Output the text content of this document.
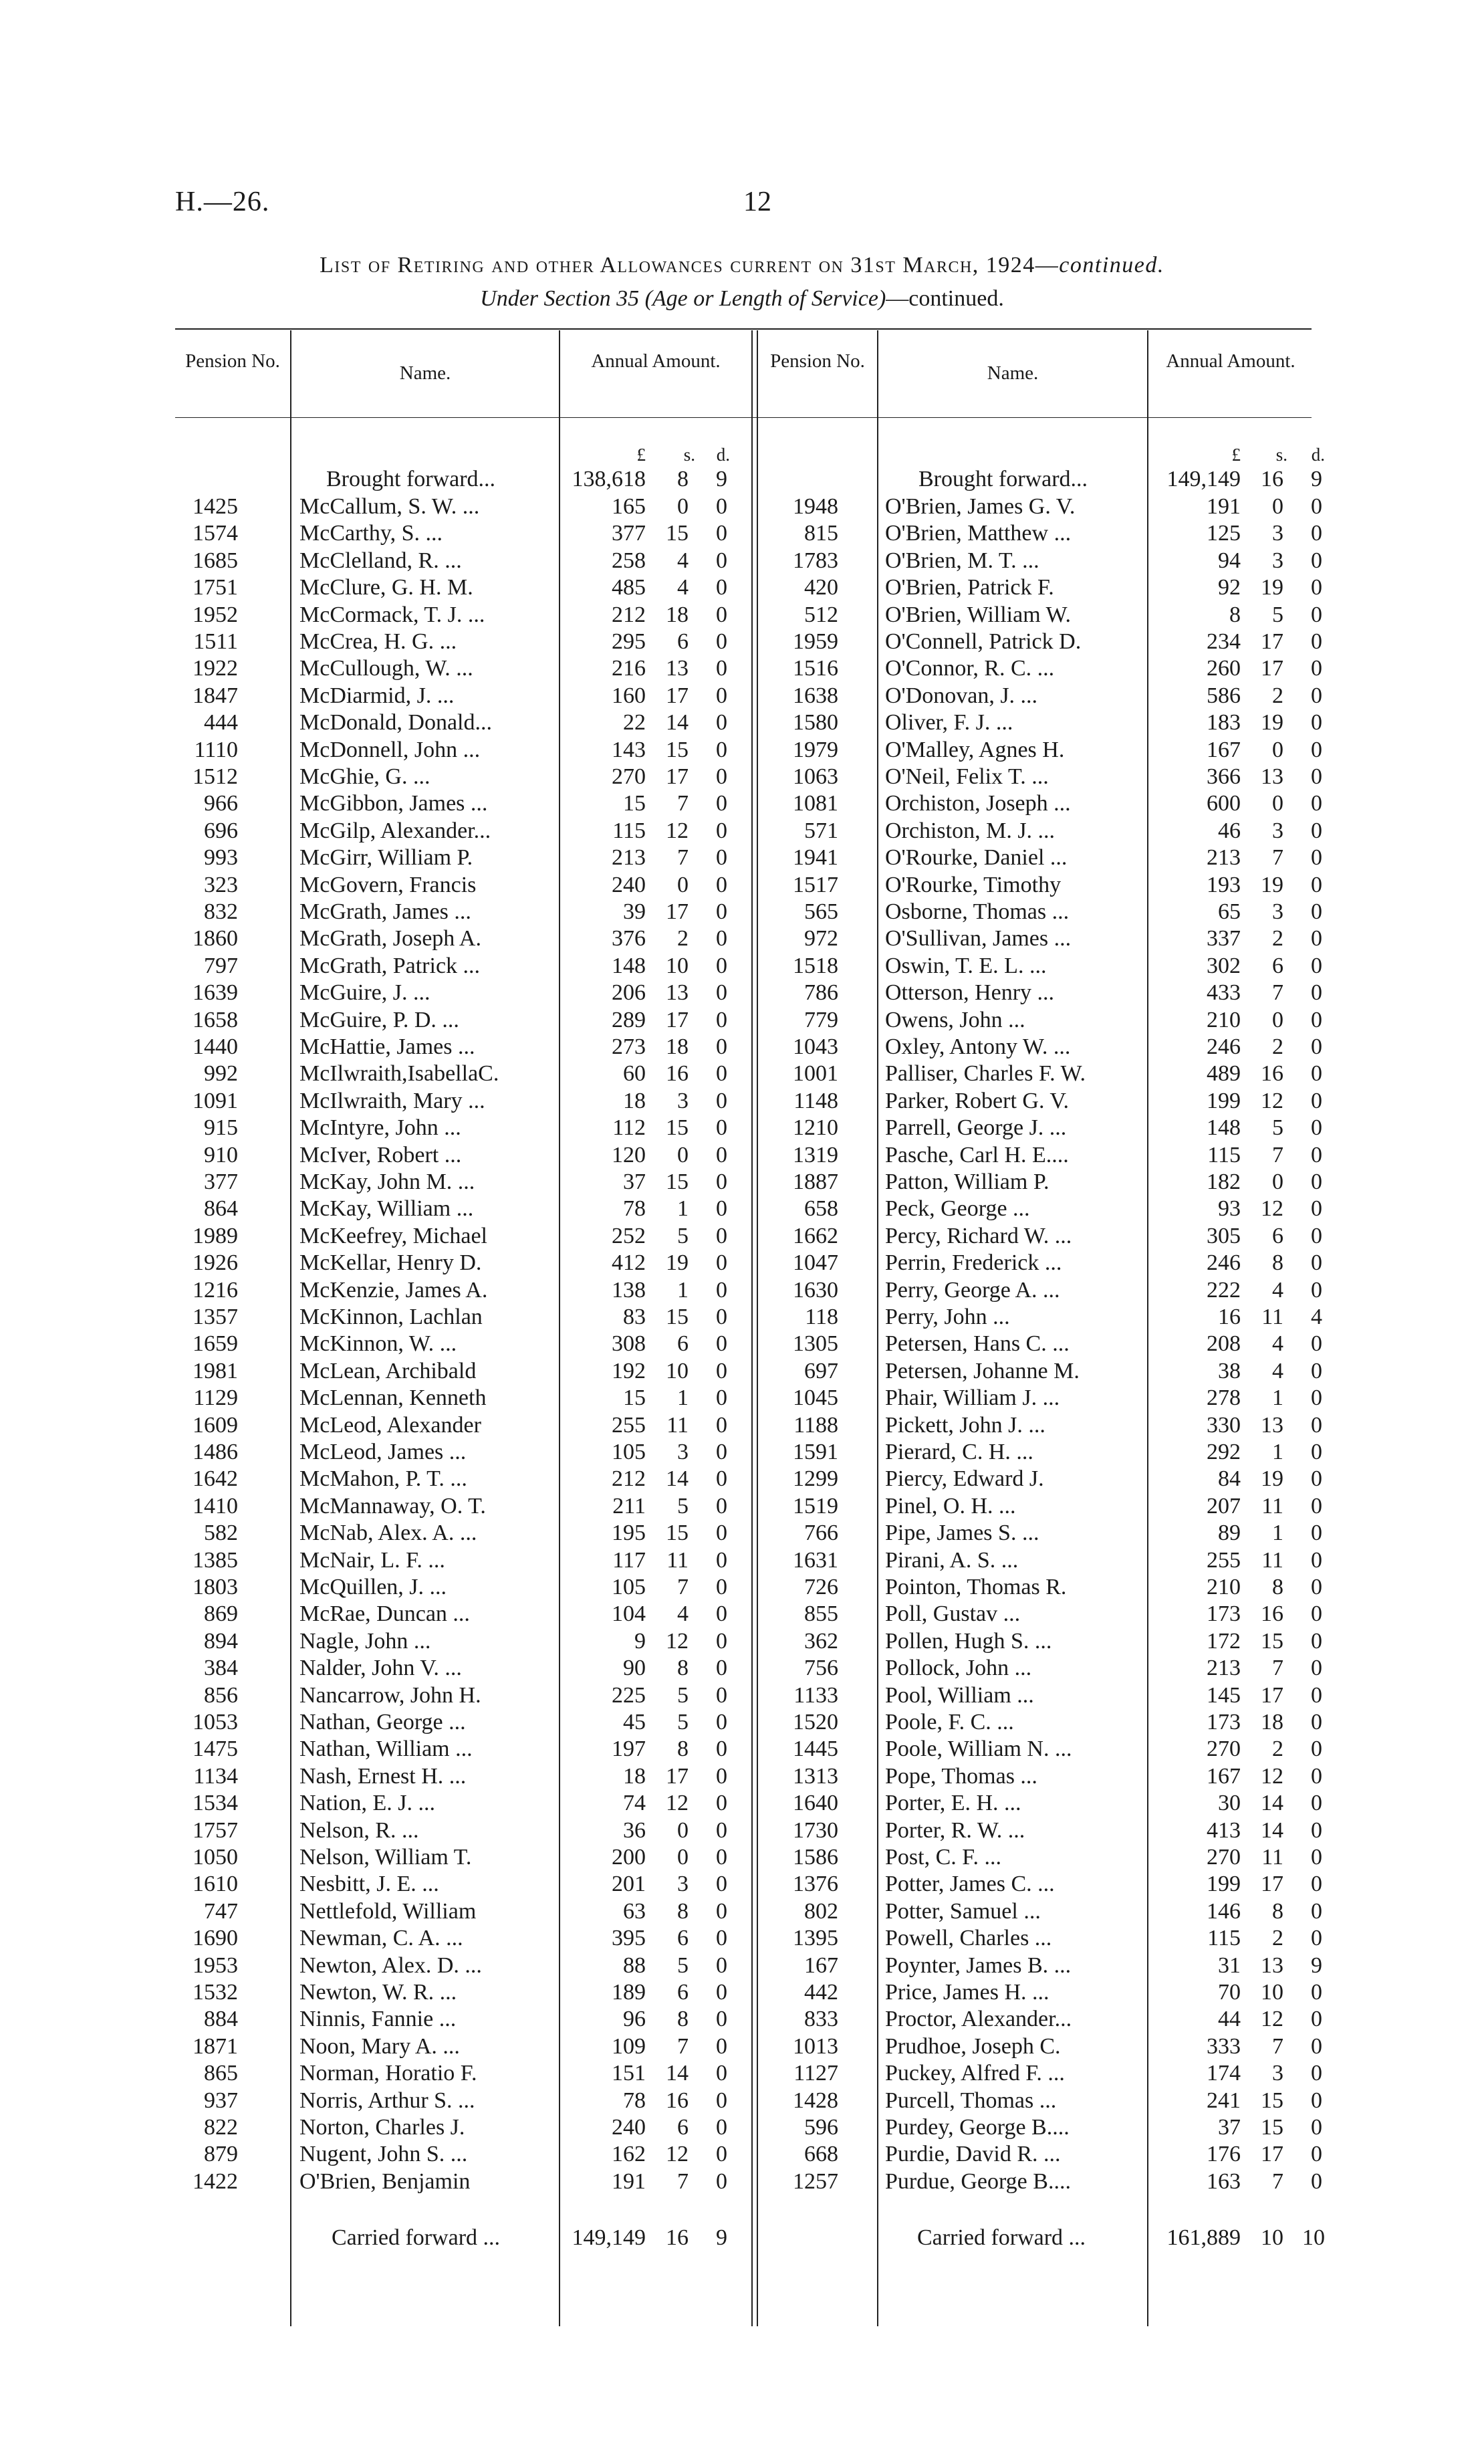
H.—26.	12
List of Retiring and other Allowances current on 31st March, 1924—continued.
Under Section 35 (Age or Length of Service)—continued.
Pension No.
Name.
Annual Amount.	Pension No.
Name.
Annual Amount.
£	s.	d.	£	s.	d.
Brought forward...	138,618	8	9
1425	McCallum, S. W. ...	165	0	0
1574	McCarthy, S. ...	377 15	0
1685	McClelland, R. ...	258	4	0
1751	McClure, G. H. M.	485	4	0
1952	McCormack, T. J. ...	212 18	0
1511	McCrea, H. G. ...	295	6	0
1922	McCullough, W. ...	216 13	0
1847	McDiarmid, J. ...	160 17	0
444	McDonald, Donald...	22 14	0
1110	McDonnell, John ...	143 15	0
1512	McGhie, G. ...	270 17	0
966	McGibbon, James ...	15	7	0
696	McGilp, Alexander...	115 12	0
993	McGirr, William P.	213	7	0
323	McGovern, Francis	240	0	0
832	McGrath, James ...	39 17	0
1860	McGrath, Joseph A.	376	2	0
797	McGrath, Patrick ...	148 10	0
1639	McGuire, J. ...	206 13	0
1658	McGuire, P. D. ...	289 17	0
1440	McHattie, James ...	273 18	0
992	McIlwraith,IsabellaC.	60 16	0
1091	McIlwraith, Mary ...	18	3	0
915	McIntyre, John ...	112 15	0
910	McIver, Robert ...	120	0	0
377	McKay, John M. ...	37 15	0
864	McKay, William ...	78	1	0
1989	McKeefrey, Michael	252	5	0
1926	McKellar, Henry D.	412 19	0
1216	McKenzie, James A.	138	1	0
1357	McKinnon, Lachlan	83 15	0
1659	McKinnon, W. ...	308	6	0
1981	McLean, Archibald	192 10	0
1129	McLennan, Kenneth	15	1	0
1609	McLeod, Alexander	255 11	0
1486	McLeod, James ...	105	3	0
1642	McMahon, P. T. ...	212 14	0
1410	McMannaway, O. T.	211	5	0
582	McNab, Alex. A. ...	195 15	0
1385	McNair, L. F. ...	117 11	0
1803	McQuillen, J. ...	105	7	0
869	McRae, Duncan ...	104	4	0
894	Nagle, John ...	9 12	0
384	Nalder, John V. ...	90	8	0
856	Nancarrow, John H.	225	5	0
1053	Nathan, George ...	45	5	0
1475	Nathan, William ...	197	8	0
1134	Nash, Ernest H. ...	18 17	0
1534	Nation, E. J. ...	74 12	0
1757	Nelson, R. ...	36	0	0
1050	Nelson, William T.	200	0	0
1610	Nesbitt, J. E. ...	201	3	0
747	Nettlefold, William	63	8	0
1690	Newman, C. A. ...	395	6	0
1953	Newton, Alex. D. ...	88	5	0
1532	Newton, W. R. ...	189	6	0
884	Ninnis, Fannie ...	96	8	0
1871	Noon, Mary A. ...	109	7	0
865	Norman, Horatio F.	151 14	0
937	Norris, Arthur S. ...	78 16	0
822	Norton, Charles J.	240	6	0
879	Nugent, John S. ...	162 12	0
1422	O'Brien, Benjamin	191	7	0
Carried forward ...	149,149 16	9
Brought forward...	149,149 16	9
1948 O'Brien, James G. V.	191	0	0
815 O'Brien, Matthew ...	125	3	0
1783 O'Brien, M. T. ...	94	3	0
420 O'Brien, Patrick F.	92 19	0
512 O'Brien, William W.	8	5	0
1959 O'Connell, Patrick D.	234 17	0
1516 O'Connor, R. C. ...	260 17	0
1638 O'Donovan, J. ...	586	2	0
1580 Oliver, F. J. ...	183 19	0
1979 O'Malley, Agnes H.	167	0	0
1063 O'Neil, Felix T. ...	366 13	0
1081 Orchiston, Joseph ...	600	0	0
571 Orchiston, M. J. ...	46	3	0
1941 O'Rourke, Daniel ...	213	7	0
1517 O'Rourke, Timothy	193 19	0
565 Osborne, Thomas ...	65	3	0
972 O'Sullivan, James ...	337	2	0
1518 Oswin, T. E. L. ...	302	6	0
786 Otterson, Henry ...	433	7	0
779 Owens, John ...	210	0	0
1043 Oxley, Antony W. ...	246	2	0
1001 Palliser, Charles F. W.	489 16	0
1148 Parker, Robert G. V.	199 12	0
1210 Parrell, George J. ...	148	5	0
1319 Pasche, Carl H. E....	115	7	0
1887 Patton, William P.	182	0	0
658 Peck, George ...	93 12	0
1662 Percy, Richard W. ...	305	6	0
1047 Perrin, Frederick ...	246	8	0
1630 Perry, George A. ...	222	4	0
118 Perry, John ...	16 11	4
1305 Petersen, Hans C. ...	208	4	0
697 Petersen, Johanne M.	38	4	0
1045 Phair, William J. ...	278	1	0
1188 Pickett, John J. ...	330 13	0
1591 Pierard, C. H. ...	292	1	0
1299 Piercy, Edward J.	84 19	0
1519 Pinel, O. H. ...	207 11	0
766 Pipe, James S. ...	89	1	0
1631 Pirani, A. S. ...	255 11	0
726 Pointon, Thomas R.	210	8	0
855 Poll, Gustav ...	173 16	0
362 Pollen, Hugh S. ...	172 15	0
756 Pollock, John ...	213	7	0
1133 Pool, William ...	145 17	0
1520 Poole, F. C. ...	173 18	0
1445 Poole, William N. ...	270	2	0
1313 Pope, Thomas ...	167 12	0
1640 Porter, E. H. ...	30 14	0
1730 Porter, R. W. ...	413 14	0
1586 Post, C. F. ...	270 11	0
1376 Potter, James C. ...	199 17	0
802 Potter, Samuel ...	146	8	0
1395 Powell, Charles ...	115	2	0
167 Poynter, James B. ...	31 13	9
442 Price, James H. ...	70 10	0
833 Proctor, Alexander...	44 12	0
1013 Prudhoe, Joseph C.	333	7	0
1127 Puckey, Alfred F. ...	174	3	0
1428 Purcell, Thomas ...	241 15	0
596 Purdey, George B....	37 15	0
668 Purdie, David R. ...	176 17	0
1257 Purdue, George B....	163	7	0
Carried forward ...	161,889 10 10
